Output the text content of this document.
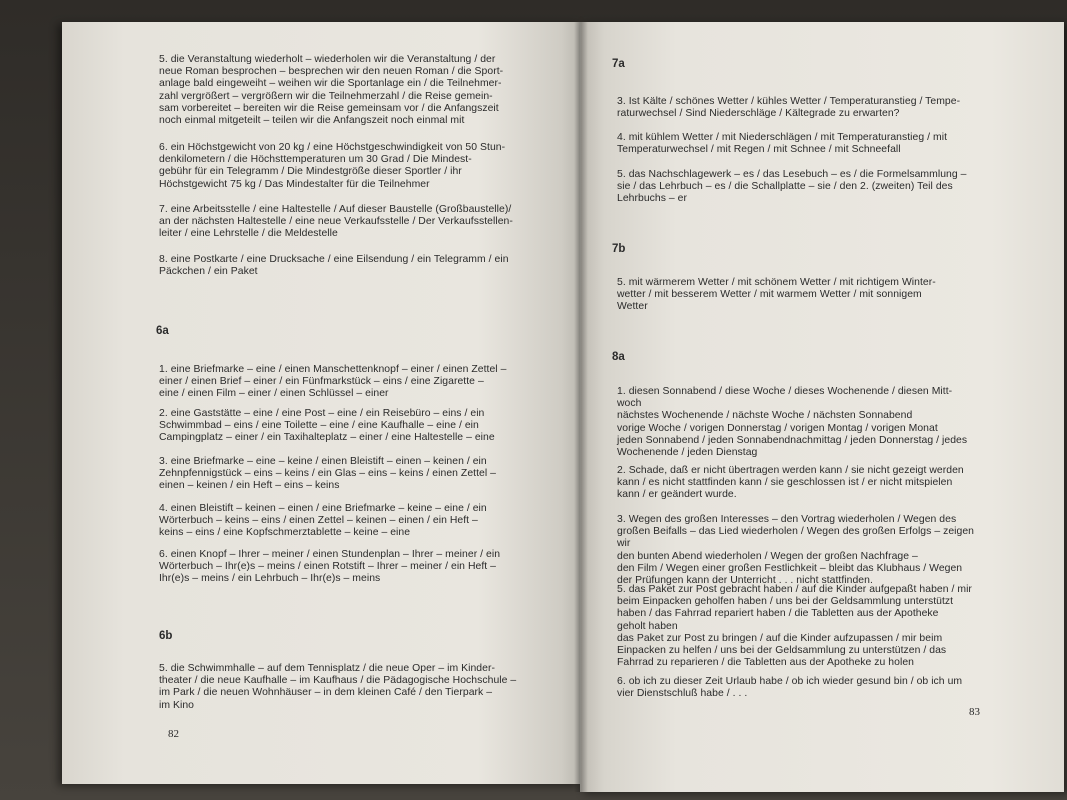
5. die Veranstaltung wiederholt – wiederholen wir die Veranstaltung / der
neue Roman besprochen – besprechen wir den neuen Roman / die Sport-
anlage bald eingeweiht – weihen wir die Sportanlage ein / die Teilnehmer-
zahl vergrößert – vergrößern wir die Teilnehmerzahl / die Reise gemein-
sam vorbereitet – bereiten wir die Reise gemeinsam vor / die Anfangszeit
noch einmal mitgeteilt – teilen wir die Anfangszeit noch einmal mit
6. ein Höchstgewicht von 20 kg / eine Höchstgeschwindigkeit von 50 Stun-
denkilometern / die Höchsttemperaturen um 30 Grad / Die Mindest-
gebühr für ein Telegramm / Die Mindestgröße dieser Sportler / ihr
Höchstgewicht 75 kg / Das Mindestalter für die Teilnehmer
7. eine Arbeitsstelle / eine Haltestelle / Auf dieser Baustelle (Großbaustelle)/
an der nächsten Haltestelle / eine neue Verkaufsstelle / Der Verkaufsstellen-
leiter / eine Lehrstelle / die Meldestelle
8. eine Postkarte / eine Drucksache / eine Eilsendung / ein Telegramm / ein
Päckchen / ein Paket
6a
1. eine Briefmarke – eine / einen Manschettenknopf – einer / einen Zettel –
einer / einen Brief – einer / ein Fünfmarkstück – eins / eine Zigarette –
eine / einen Film – einer / einen Schlüssel – einer
2. eine Gaststätte – eine / eine Post – eine / ein Reisebüro – eins / ein
Schwimmbad – eins / eine Toilette – eine / eine Kaufhalle – eine / ein
Campingplatz – einer / ein Taxihalteplatz – einer / eine Haltestelle – eine
3. eine Briefmarke – eine – keine / einen Bleistift – einen – keinen / ein
Zehnpfennigstück – eins – keins / ein Glas – eins – keins / einen Zettel –
einen – keinen / ein Heft – eins – keins
4. einen Bleistift – keinen – einen / eine Briefmarke – keine – eine / ein
Wörterbuch – keins – eins / einen Zettel – keinen – einen / ein Heft –
keins – eins / eine Kopfschmerztablette – keine – eine
6. einen Knopf – Ihrer – meiner / einen Stundenplan – Ihrer – meiner / ein
Wörterbuch – Ihr(e)s – meins / einen Rotstift – Ihrer – meiner / ein Heft –
Ihr(e)s – meins / ein Lehrbuch – Ihr(e)s – meins
6b
5. die Schwimmhalle – auf dem Tennisplatz / die neue Oper – im Kinder-
theater / die neue Kaufhalle – im Kaufhaus / die Pädagogische Hochschule –
im Park / die neuen Wohnhäuser – in dem kleinen Café / den Tierpark –
im Kino
82
7a
3. Ist Kälte / schönes Wetter / kühles Wetter / Temperaturanstieg / Tempe-
raturwechsel / Sind Niederschläge / Kältegrade zu erwarten?
4. mit kühlem Wetter / mit Niederschlägen / mit Temperaturanstieg / mit
Temperaturwechsel / mit Regen / mit Schnee / mit Schneefall
5. das Nachschlagewerk – es / das Lesebuch – es / die Formelsammlung –
sie / das Lehrbuch – es / die Schallplatte – sie / den 2. (zweiten) Teil des
Lehrbuchs – er
7b
5. mit wärmerem Wetter / mit schönem Wetter / mit richtigem Winter-
wetter / mit besserem Wetter / mit warmem Wetter / mit sonnigem
Wetter
8a
1. diesen Sonnabend / diese Woche / dieses Wochenende / diesen Mitt-
woch
nächstes Wochenende / nächste Woche / nächsten Sonnabend
vorige Woche / vorigen Donnerstag / vorigen Montag / vorigen Monat
jeden Sonnabend / jeden Sonnabendnachmittag / jeden Donnerstag / jedes
Wochenende / jeden Dienstag
2. Schade, daß er nicht übertragen werden kann / sie nicht gezeigt werden
kann / es nicht stattfinden kann / sie geschlossen ist / er nicht mitspielen
kann / er geändert wurde.
3. Wegen des großen Interesses – den Vortrag wiederholen / Wegen des
großen Beifalls – das Lied wiederholen / Wegen des großen Erfolgs – zeigen wir
den bunten Abend wiederholen / Wegen der großen Nachfrage –
den Film / Wegen einer großen Festlichkeit – bleibt das Klubhaus / Wegen
der Prüfungen kann der Unterricht . . . nicht stattfinden.
5. das Paket zur Post gebracht haben / auf die Kinder aufgepaßt haben / mir
beim Einpacken geholfen haben / uns bei der Geldsammlung unterstützt
haben / das Fahrrad repariert haben / die Tabletten aus der Apotheke
geholt haben
das Paket zur Post zu bringen / auf die Kinder aufzupassen / mir beim
Einpacken zu helfen / uns bei der Geldsammlung zu unterstützen / das
Fahrrad zu reparieren / die Tabletten aus der Apotheke zu holen
6. ob ich zu dieser Zeit Urlaub habe / ob ich wieder gesund bin / ob ich um
vier Dienstschluß habe / . . .
83
